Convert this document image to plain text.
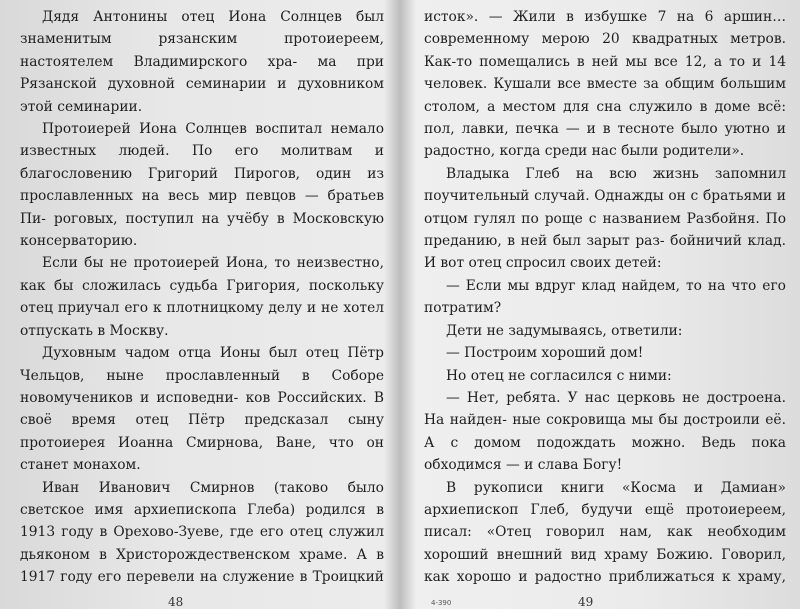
Дядя Антонины отец Иона Солнцев был знаменитым рязанским протоиереем, настоятелем Владимирского хра- ма при Рязанской духовной семинарии и духовником этой семинарии.

Протоиерей Иона Солнцев воспитал немало известных людей. По его молитвам и благословению Григорий Пирогов, один из прославленных на весь мир певцов — братьев Пи- роговых, поступил на учёбу в Московскую консерваторию.

Если бы не протоиерей Иона, то неизвестно, как бы сложилась судьба Григория, поскольку отец приучал его к плотницкому делу и не хотел отпускать в Москву.

Духовным чадом отца Ионы был отец Пётр Чельцов, ныне прославленный в Соборе новомучеников и исповедни- ков Российских. В своё время отец Пётр предсказал сыну протоиерея Иоанна Смирнова, Ване, что он станет монахом.

Иван Иванович Смирнов (таково было светское имя архиепископа Глеба) родился в 1913 году в Орехово-Зуеве, где его отец служил дьяконом в Христорождественском храме. А в 1917 году его перевели на служение в Троицкий

48

исток». — Жили в избушке 7 на 6 аршин… современному мерою 20 квадратных метров. Как-то помещались в ней мы все 12, а то и 14 человек. Кушали все вместе за общим большим столом, а местом для сна служило в доме всё: пол, лавки, печка — и в тесноте было уютно и радостно, когда среди нас были родители».

Владыка Глеб на всю жизнь запомнил поучительный случай. Однажды он с братьями и отцом гулял по роще с названием Разбойня. По преданию, в ней был зарыт раз- бойничий клад. И вот отец спросил своих детей:

— Если мы вдруг клад найдем, то на что его потратим?

Дети не задумываясь, ответили:

— Построим хороший дом!

Но отец не согласился с ними:

— Нет, ребята. У нас церковь не достроена. На найден- ные сокровища мы бы достроили её. А с домом подождать можно. Ведь пока обходимся — и слава Богу!

В рукописи книги «Косма и Дамиан» архиепископ Глеб, будучи ещё протоиереем, писал: «Отец говорил нам, как необходим хороший внешний вид храму Божию. Говорил, как хорошо и радостно приближаться к храму,

4-390	49
